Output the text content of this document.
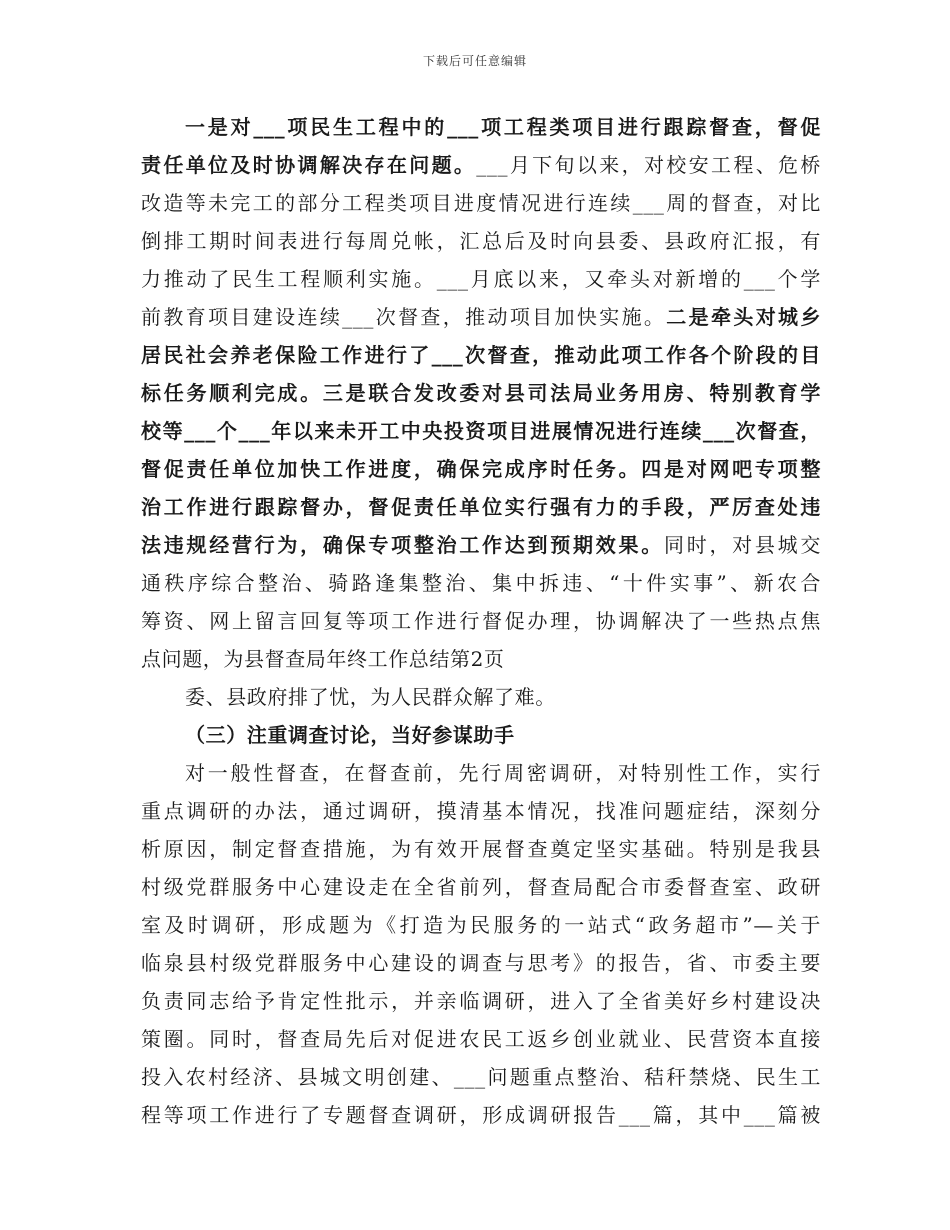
下载后可任意编辑
一是对___项民生工程中的___项工程类项目进行跟踪督查，督促
责任单位及时协调解决存在问题。___月下旬以来，对校安工程、危桥
改造等未完工的部分工程类项目进度情况进行连续___周的督查，对比
倒排工期时间表进行每周兑帐，汇总后及时向县委、县政府汇报，有
力推动了民生工程顺利实施。___月底以来，又牵头对新增的___个学
前教育项目建设连续___次督查，推动项目加快实施。二是牵头对城乡
居民社会养老保险工作进行了___次督查，推动此项工作各个阶段的目
标任务顺利完成。三是联合发改委对县司法局业务用房、特别教育学
校等___个___年以来未开工中央投资项目进展情况进行连续___次督查，
督促责任单位加快工作进度，确保完成序时任务。四是对网吧专项整
治工作进行跟踪督办，督促责任单位实行强有力的手段，严厉查处违
法违规经营行为，确保专项整治工作达到预期效果。同时，对县城交
通秩序综合整治、骑路逢集整治、集中拆违、“十件实事”、新农合
筹资、网上留言回复等项工作进行督促办理，协调解决了一些热点焦
点问题，为县督查局年终工作总结第2页
委、县政府排了忧，为人民群众解了难。
（三）注重调查讨论，当好参谋助手
对一般性督查，在督查前，先行周密调研，对特别性工作，实行
重点调研的办法，通过调研，摸清基本情况，找准问题症结，深刻分
析原因，制定督查措施，为有效开展督查奠定坚实基础。特别是我县
村级党群服务中心建设走在全省前列，督查局配合市委督查室、政研
室及时调研，形成题为《打造为民服务的一站式“政务超市”—关于
临泉县村级党群服务中心建设的调查与思考》的报告，省、市委主要
负责同志给予肯定性批示，并亲临调研，进入了全省美好乡村建设决
策圈。同时，督查局先后对促进农民工返乡创业就业、民营资本直接
投入农村经济、县城文明创建、___问题重点整治、秸秆禁烧、民生工
程等项工作进行了专题督查调研，形成调研报告___篇，其中___篇被
